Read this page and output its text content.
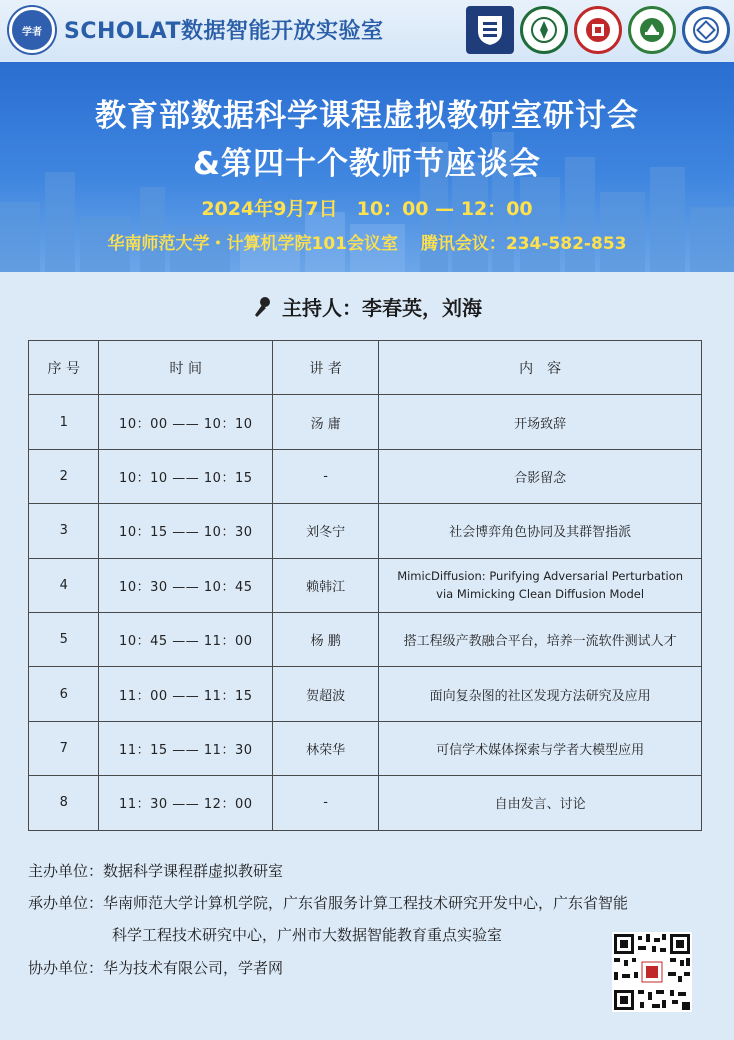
学者 SCHOLAT数据智能开放实验室
教育部数据科学课程虚拟教研室研讨会
&第四十个教师节座谈会
2024年9月7日　10：00 — 12：00
华南师范大学・计算机学院101会议室　 腾讯会议：234-582-853
主持人：李春英，刘海
序 号	时 间	讲 者	内　容
1	10：00 —— 10：10	汤 庸	开场致辞
2	10：10 —— 10：15	-	合影留念
3	10：15 —— 10：30	刘冬宁	社会博弈角色协同及其群智指派
4	10：30 —— 10：45	赖韩江	MimicDiffusion: Purifying Adversarial Perturbation
via Mimicking Clean Diffusion Model

5	10：45 —— 11：00	杨 鹏	搭工程级产教融合平台，培养一流软件测试人才
6	11：00 —— 11：15	贺超波	面向复杂图的社区发现方法研究及应用
7	11：15 —— 11：30	林荣华	可信学术媒体探索与学者大模型应用
8	11：30 —— 12：00	-	自由发言、讨论
主办单位：数据科学课程群虚拟教研室
承办单位：华南师范大学计算机学院，广东省服务计算工程技术研究开发中心，广东省智能
科学工程技术研究中心，广州市大数据智能教育重点实验室
协办单位：华为技术有限公司，学者网
